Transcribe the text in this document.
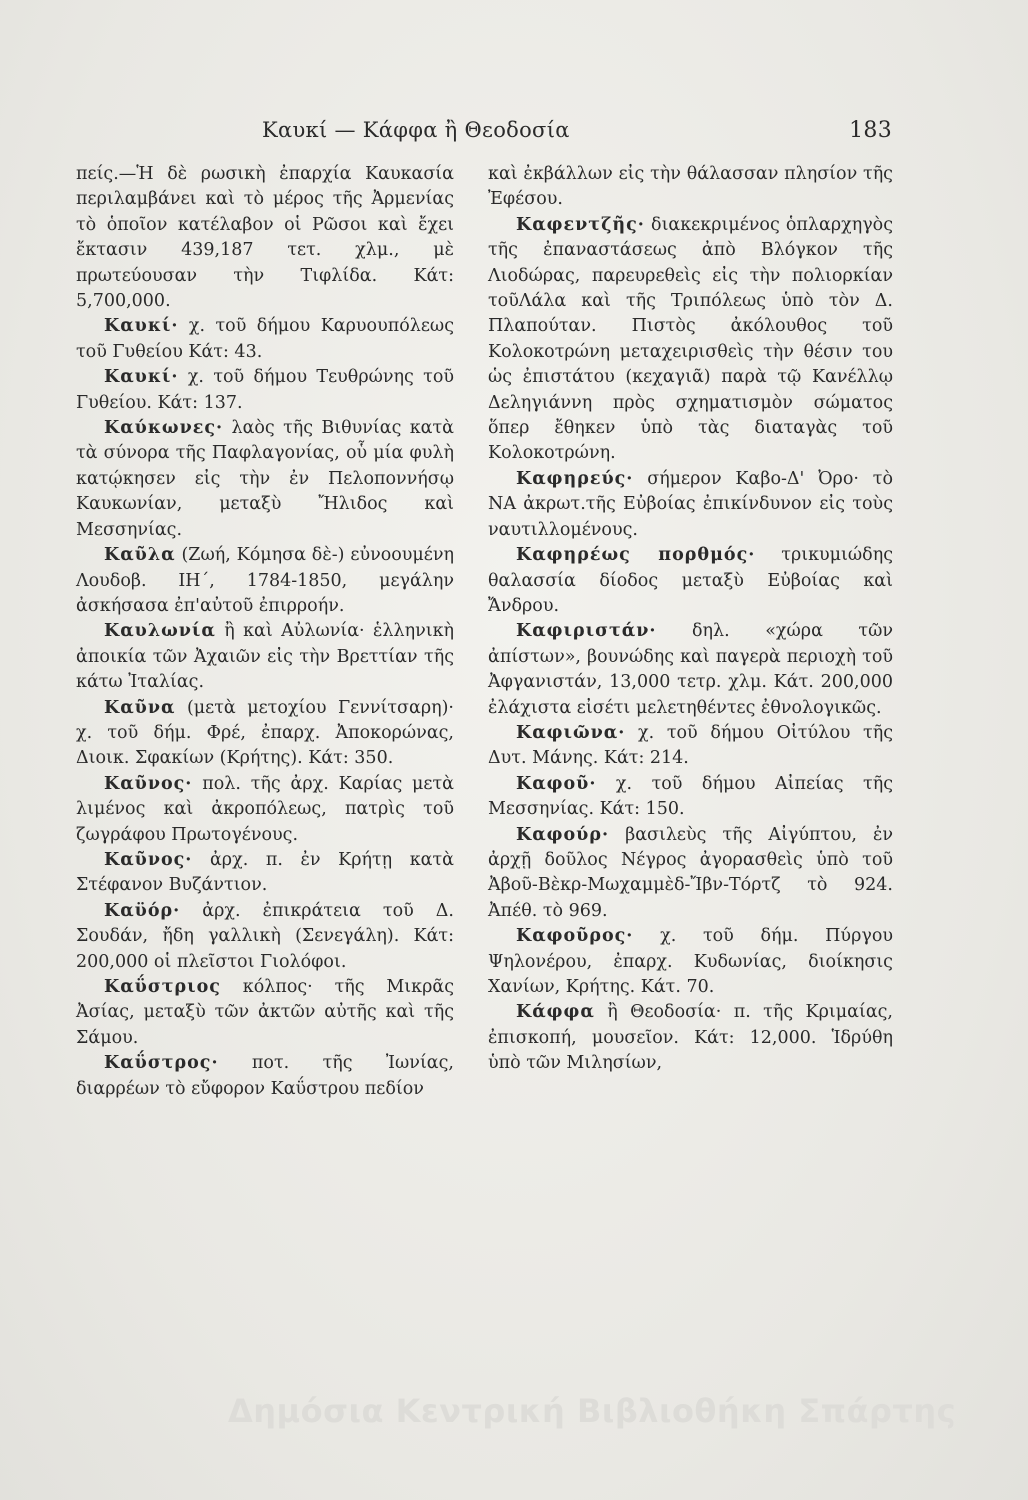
Καυκί — Κάφφα ἢ Θεοδοσία	183
πείς.—Ἡ δὲ ρωσικὴ ἐπαρχία Καυκασία περιλαμβάνει καὶ τὸ μέρος τῆς Ἀρμενίας τὸ ὁποῖον κατέλαβον οἱ Ρῶσοι καὶ ἔχει ἔκτασιν 439,187 τετ. χλμ., μὲ πρωτεύουσαν τὴν Τιφλίδα. Κάτ: 5,700,000.
Καυκί· χ. τοῦ δήμου Καρυουπόλεως τοῦ Γυθείου Κάτ: 43.
Καυκί· χ. τοῦ δήμου Τευθρώνης τοῦ Γυθείου. Κάτ: 137.
Καύκωνες· λαὸς τῆς Βιθυνίας κατὰ τὰ σύνορα τῆς Παφλαγονίας, οὗ μία φυλὴ κατῴκησεν εἰς τὴν ἐν Πελοποννήσῳ Καυκωνίαν, μεταξὺ Ἤλιδος καὶ Μεσσηνίας.
Καῦλα (Ζωή, Κόμησα δὲ-) εὐνοουμένη Λουδοβ. ΙΗ΄, 1784-1850, μεγάλην ἀσκήσασα ἐπ'αὐτοῦ ἐπιρροήν.
Καυλωνία ἢ καὶ Αὐλωνία· ἑλληνικὴ ἀποικία τῶν Ἀχαιῶν εἰς τὴν Βρεττίαν τῆς κάτω Ἰταλίας.
Καῦνα (μετὰ μετοχίου Γεννίτσαρη)· χ. τοῦ δήμ. Φρέ, ἐπαρχ. Ἀποκορώνας, Διοικ. Σφακίων (Κρήτης). Κάτ: 350.
Καῦνος· πολ. τῆς ἀρχ. Καρίας μετὰ λιμένος καὶ ἀκροπόλεως, πατρὶς τοῦ ζωγράφου Πρωτογένους.
Καῦνος· ἀρχ. π. ἐν Κρήτῃ κατὰ Στέφανον Βυζάντιον.
Καϋόρ· ἀρχ. ἐπικράτεια τοῦ Δ. Σουδάν, ἤδη γαλλικὴ (Σενεγάλη). Κάτ: 200,000 οἱ πλεῖστοι Γιολόφοι.
Καΰστριος κόλπος· τῆς Μικρᾶς Ἀσίας, μεταξὺ τῶν ἀκτῶν αὐτῆς καὶ τῆς Σάμου.
Καΰστρος· ποτ. τῆς Ἰωνίας, διαρρέων τὸ εὔφορον Καΰστρου πεδίον
καὶ ἐκβάλλων εἰς τὴν θάλασσαν πλησίον τῆς Ἐφέσου.
Καφεντζῆς· διακεκριμένος ὁπλαρχηγὸς τῆς ἐπαναστάσεως ἀπὸ Βλόγκον τῆς Λιοδώρας, παρευρεθεὶς εἰς τὴν πολιορκίαν τοῦΛάλα καὶ τῆς Τριπόλεως ὑπὸ τὸν Δ. Πλαπούταν. Πιστὸς ἀκόλουθος τοῦ Κολοκοτρώνη μεταχειρισθεὶς τὴν θέσιν του ὡς ἐπιστάτου (κεχαγιᾶ) παρὰ τῷ Κανέλλῳ Δεληγιάννη πρὸς σχηματισμὸν σώματος ὅπερ ἔθηκεν ὑπὸ τὰς διαταγὰς τοῦ Κολοκοτρώνη.
Καφηρεύς· σήμερον Καβο-Δ' Ὀρο· τὸ ΝΑ ἀκρωτ.τῆς Εὐβοίας ἐπικίνδυνον εἰς τοὺς ναυτιλλομένους.
Καφηρέως πορθμός· τρικυμιώδης θαλασσία δίοδος μεταξὺ Εὐβοίας καὶ Ἄνδρου.
Καφιριστάν· δηλ. «χώρα τῶν ἀπίστων», βουνώδης καὶ παγερὰ περιοχὴ τοῦ Ἀφγανιστάν, 13,000 τετρ. χλμ. Κάτ. 200,000 ἐλάχιστα εἰσέτι μελετηθέντες ἐθνολογικῶς.
Καφιῶνα· χ. τοῦ δήμου Οἰτύλου τῆς Δυτ. Μάνης. Κάτ: 214.
Καφοῦ· χ. τοῦ δήμου Αἰπείας τῆς Μεσσηνίας. Κάτ: 150.
Καφούρ· βασιλεὺς τῆς Αἰγύπτου, ἐν ἀρχῇ δοῦλος Νέγρος ἀγορασθεὶς ὑπὸ τοῦ Ἀβοῦ-Βὲκρ-Μωχαμμὲδ-Ἴβν-Τόρτζ τὸ 924. Ἀπέθ. τὸ 969.
Καφοῦρος· χ. τοῦ δήμ. Πύργου Ψηλονέρου, ἐπαρχ. Κυδωνίας, διοίκησις Χανίων, Κρήτης. Κάτ. 70.
Κάφφα ἢ Θεοδοσία· π. τῆς Κριμαίας, ἐπισκοπή, μουσεῖον. Κάτ: 12,000. Ἱδρύθη ὑπὸ τῶν Μιλησίων,
Δημόσια Κεντρική Βιβλιοθήκη Σπάρτης
